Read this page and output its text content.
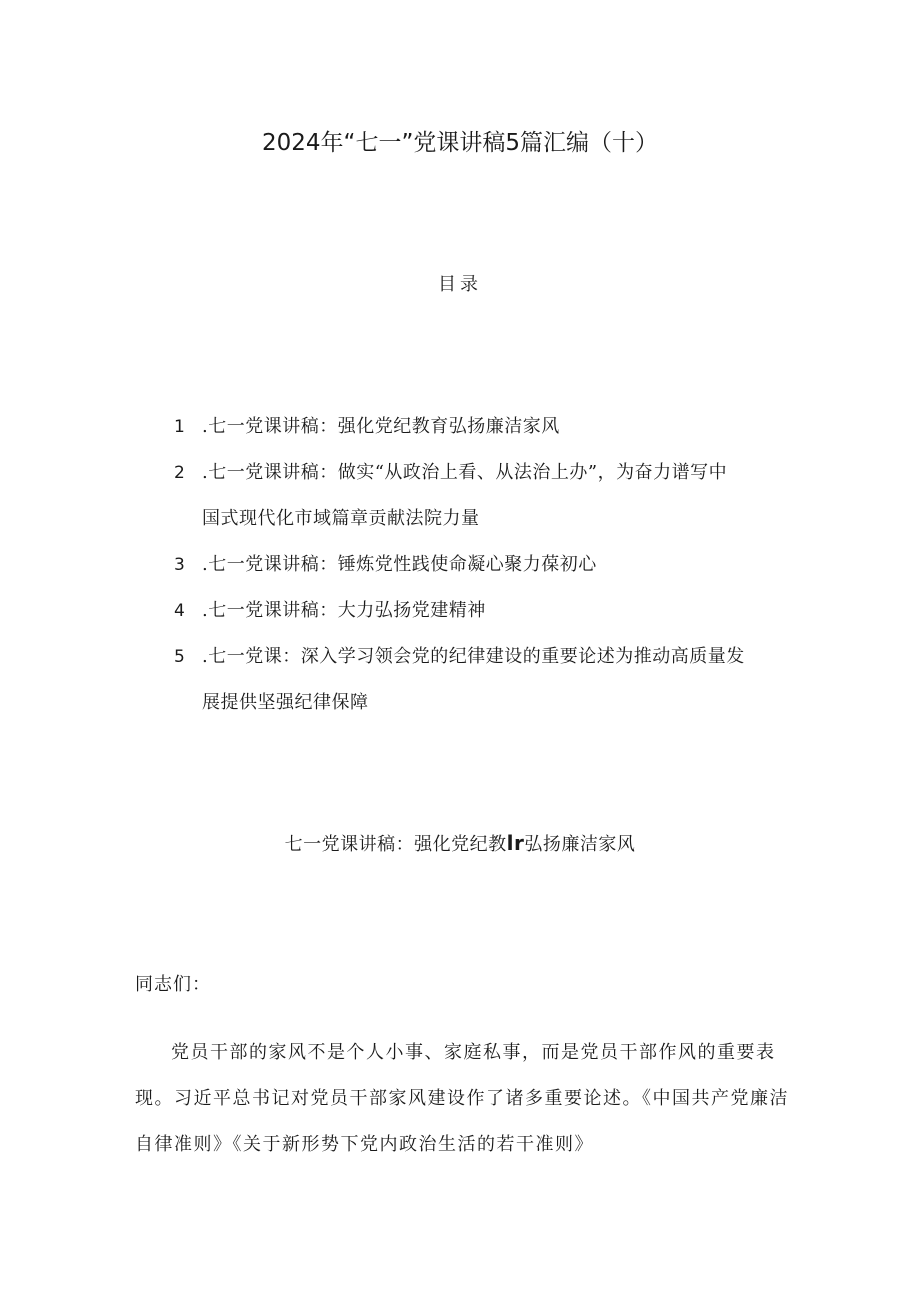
2024年“七一”党课讲稿5篇汇编（十）
目录
1 .七一党课讲稿：强化党纪教育弘扬廉洁家风
2 .七一党课讲稿：做实“从政治上看、从法治上办”，为奋力谱写中
国式现代化市域篇章贡献法院力量
3 .七一党课讲稿：锤炼党性践使命凝心聚力葆初心
4 .七一党课讲稿：大力弘扬党建精神
5 .七一党课：深入学习领会党的纪律建设的重要论述为推动高质量发
展提供坚强纪律保障
七一党课讲稿：强化党纪教lr弘扬廉洁家风
同志们：

党员干部的家风不是个人小事、家庭私事，而是党员干部作风的重要表现。习近平总书记对党员干部家风建设作了诸多重要论述。《中国共产党廉洁自律准则》《关于新形势下党内政治生活的若干准则》
